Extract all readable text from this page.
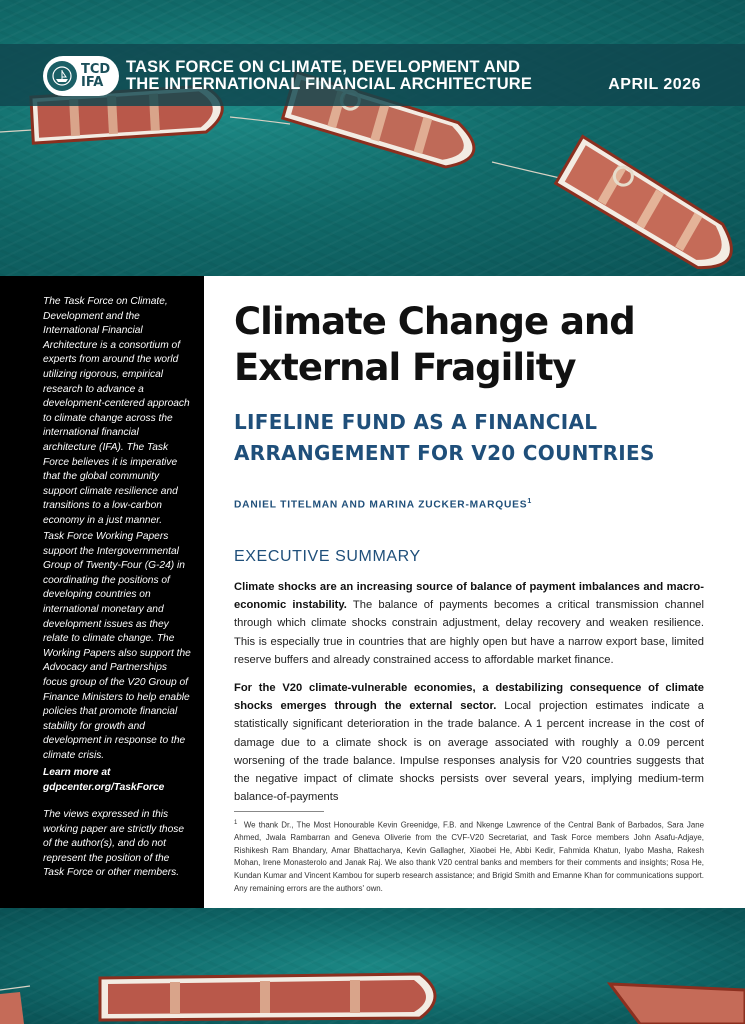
TCD
IFA
TASK FORCE ON CLIMATE, DEVELOPMENT AND THE INTERNATIONAL FINANCIAL ARCHITECTURE	APRIL 2026

The Task Force on Climate, Development and the International Financial Architecture is a consortium of experts from around the world utilizing rigorous, empirical research to advance a development-centered approach to climate change across the international financial architecture (IFA). The Task Force believes it is imperative that the global community support climate resilience and transitions to a low-carbon economy in a just manner.

Task Force Working Papers support the Intergovernmental Group of Twenty-Four (G-24) in coordinating the positions of developing countries on international monetary and development issues as they relate to climate change. The Working Papers also support the Advocacy and Partnerships focus group of the V20 Group of Finance Ministers to help enable policies that promote financial stability for growth and development in response to the climate crisis.

Learn more at
gdpcenter.org/TaskForce

The views expressed in this working paper are strictly those of the author(s), and do not represent the position of the Task Force or other members.

Climate Change and External Fragility
LIFELINE FUND AS A FINANCIAL ARRANGEMENT FOR V20 COUNTRIES
DANIEL TITELMAN AND MARINA ZUCKER-MARQUES$^1$
EXECUTIVE SUMMARY

Climate shocks are an increasing source of balance of payment imbalances and macro-economic instability. The balance of payments becomes a critical transmission channel through which climate shocks constrain adjustment, delay recovery and weaken resilience. This is especially true in countries that are highly open but have a narrow export base, limited reserve buffers and already constrained access to affordable market finance.

For the V20 climate-vulnerable economies, a destabilizing consequence of climate shocks emerges through the external sector. Local projection estimates indicate a statistically significant deterioration in the trade balance. A 1 percent increase in the cost of damage due to a climate shock is on average associated with roughly a 0.09 percent worsening of the trade balance. Impulse responses analysis for V20 countries suggests that the negative impact of climate shocks persists over several years, implying medium-term balance-of-payments

$^1$ We thank Dr., The Most Honourable Kevin Greenidge, F.B. and Nkenge Lawrence of the Central Bank of Barbados, Sara Jane Ahmed, Jwala Rambarran and Geneva Oliverie from the CVF-V20 Secretariat, and Task Force members John Asafu-Adjaye, Rishikesh Ram Bhandary, Amar Bhattacharya, Kevin Gallagher, Xiaobei He, Abbi Kedir, Fahmida Khatun, Iyabo Masha, Rakesh Mohan, Irene Monasterolo and Janak Raj. We also thank V20 central banks and members for their comments and insights; Rosa He, Kundan Kumar and Vincent Kambou for superb research assistance; and Brigid Smith and Emanne Khan for communications support. Any remaining errors are the authors' own.
